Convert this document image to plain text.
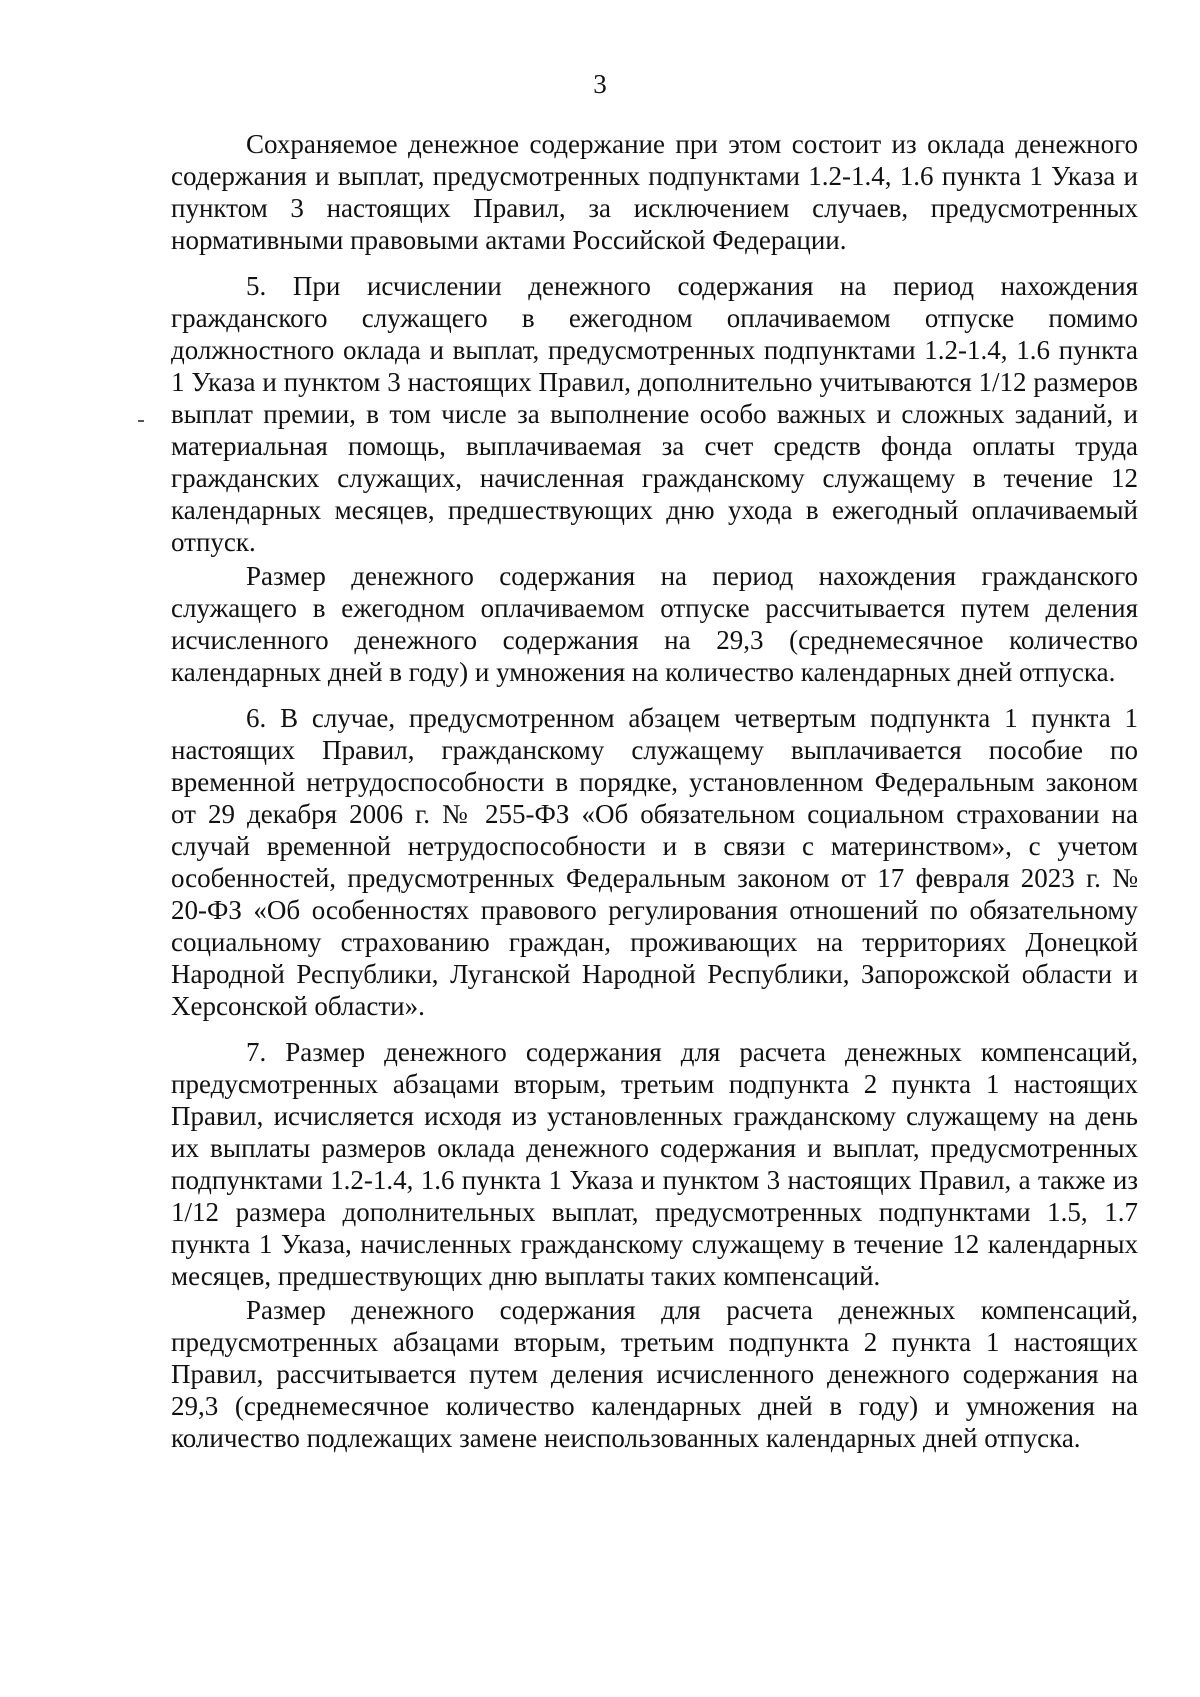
3

Сохраняемое денежное содержание при этом состоит из оклада денежного содержания и выплат, предусмотренных подпунктами 1.2-1.4, 1.6 пункта 1 Указа и пунктом 3 настоящих Правил, за исключением случаев, предусмотренных нормативными правовыми актами Российской Федерации.

5. При исчислении денежного содержания на период нахождения гражданского служащего в ежегодном оплачиваемом отпуске помимо должностного оклада и выплат, предусмотренных подпунктами 1.2-1.4, 1.6 пункта 1 Указа и пунктом 3 настоящих Правил, дополнительно учитываются 1/12 размеров выплат премии, в том числе за выполнение особо важных и сложных заданий, и материальная помощь, выплачиваемая за счет средств фонда оплаты труда гражданских служащих, начисленная гражданскому служащему в течение 12 календарных месяцев, предшествующих дню ухода в ежегодный оплачиваемый отпуск.

Размер денежного содержания на период нахождения гражданского служащего в ежегодном оплачиваемом отпуске рассчитывается путем деления исчисленного денежного содержания на 29,3 (среднемесячное количество календарных дней в году) и умножения на количество календарных дней отпуска.

6. В случае, предусмотренном абзацем четвертым подпункта 1 пункта 1 настоящих Правил, гражданскому служащему выплачивается пособие по временной нетрудоспособности в порядке, установленном Федеральным законом от 29 декабря 2006 г. № 255-ФЗ «Об обязательном социальном страховании на случай временной нетрудоспособности и в связи с материнством», с учетом особенностей, предусмотренных Федеральным законом от 17 февраля 2023 г. № 20-ФЗ «Об особенностях правового регулирования отношений по обязательному социальному страхованию граждан, проживающих на территориях Донецкой Народной Республики, Луганской Народной Республики, Запорожской области и Херсонской области».

7. Размер денежного содержания для расчета денежных компенсаций, предусмотренных абзацами вторым, третьим подпункта 2 пункта 1 настоящих Правил, исчисляется исходя из установленных гражданскому служащему на день их выплаты размеров оклада денежного содержания и выплат, предусмотренных подпунктами 1.2-1.4, 1.6 пункта 1 Указа и пунктом 3 настоящих Правил, а также из 1/12 размера дополнительных выплат, предусмотренных подпунктами 1.5, 1.7 пункта 1 Указа, начисленных гражданскому служащему в течение 12 календарных месяцев, предшествующих дню выплаты таких компенсаций.

Размер денежного содержания для расчета денежных компенсаций, предусмотренных абзацами вторым, третьим подпункта 2 пункта 1 настоящих Правил, рассчитывается путем деления исчисленного денежного содержания на 29,3 (среднемесячное количество календарных дней в году) и умножения на количество подлежащих замене неиспользованных календарных дней отпуска.
